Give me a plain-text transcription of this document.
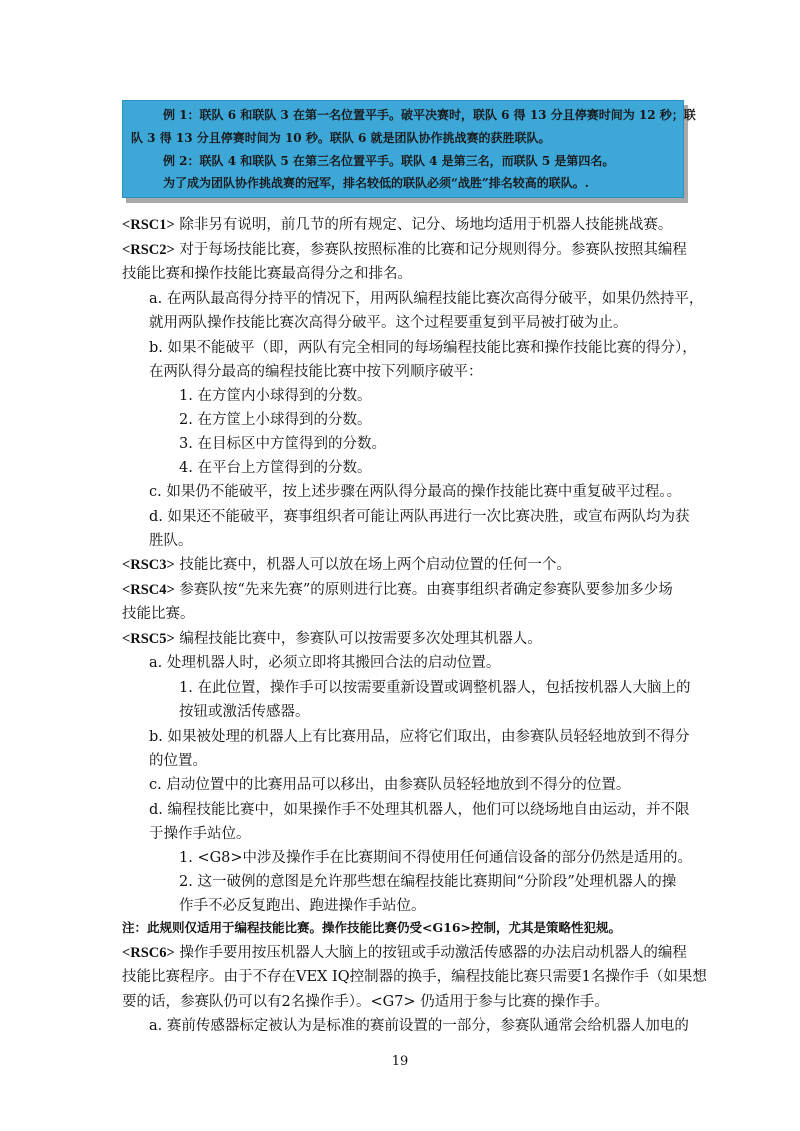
例 1：联队 6 和联队 3 在第一名位置平手。破平决赛时，联队 6 得 13 分且停赛时间为 12 秒；联
队 3 得 13 分且停赛时间为 10 秒。联队 6 就是团队协作挑战赛的获胜联队。
例 2：联队 4 和联队 5 在第三名位置平手。联队 4 是第三名，而联队 5 是第四名。
为了成为团队协作挑战赛的冠军，排名较低的联队必须“战胜”排名较高的联队。.
<RSC1> 除非另有说明，前几节的所有规定、记分、场地均适用于机器人技能挑战赛。
<RSC2> 对于每场技能比赛，参赛队按照标准的比赛和记分规则得分。参赛队按照其编程
技能比赛和操作技能比赛最高得分之和排名。
a. 在两队最高得分持平的情况下，用两队编程技能比赛次高得分破平，如果仍然持平，
就用两队操作技能比赛次高得分破平。这个过程要重复到平局被打破为止。
b. 如果不能破平（即，两队有完全相同的每场编程技能比赛和操作技能比赛的得分），
在两队得分最高的编程技能比赛中按下列顺序破平：
1. 在方筐内小球得到的分数。
2. 在方筐上小球得到的分数。
3. 在目标区中方筐得到的分数。
4. 在平台上方筐得到的分数。
c. 如果仍不能破平，按上述步骤在两队得分最高的操作技能比赛中重复破平过程。。
d. 如果还不能破平，赛事组织者可能让两队再进行一次比赛决胜，或宣布两队均为获
胜队。
<RSC3> 技能比赛中，机器人可以放在场上两个启动位置的任何一个。
<RSC4> 参赛队按“先来先赛”的原则进行比赛。由赛事组织者确定参赛队要参加多少场
技能比赛。
<RSC5> 编程技能比赛中，参赛队可以按需要多次处理其机器人。
a. 处理机器人时，必须立即将其搬回合法的启动位置。
1. 在此位置，操作手可以按需要重新设置或调整机器人，包括按机器人大脑上的
按钮或激活传感器。
b. 如果被处理的机器人上有比赛用品，应将它们取出，由参赛队员轻轻地放到不得分
的位置。
c. 启动位置中的比赛用品可以移出，由参赛队员轻轻地放到不得分的位置。
d. 编程技能比赛中，如果操作手不处理其机器人，他们可以绕场地自由运动，并不限
于操作手站位。
1. <G8>中涉及操作手在比赛期间不得使用任何通信设备的部分仍然是适用的。
2. 这一破例的意图是允许那些想在编程技能比赛期间“分阶段”处理机器人的操
作手不必反复跑出、跑进操作手站位。
注：此规则仅适用于编程技能比赛。操作技能比赛仍受<G16>控制，尤其是策略性犯规。
<RSC6> 操作手要用按压机器人大脑上的按钮或手动激活传感器的办法启动机器人的编程
技能比赛程序。由于不存在VEX IQ控制器的换手，编程技能比赛只需要1名操作手（如果想
要的话，参赛队仍可以有2名操作手）。<G7> 仍适用于参与比赛的操作手。
a. 赛前传感器标定被认为是标准的赛前设置的一部分，参赛队通常会给机器人加电的
19
